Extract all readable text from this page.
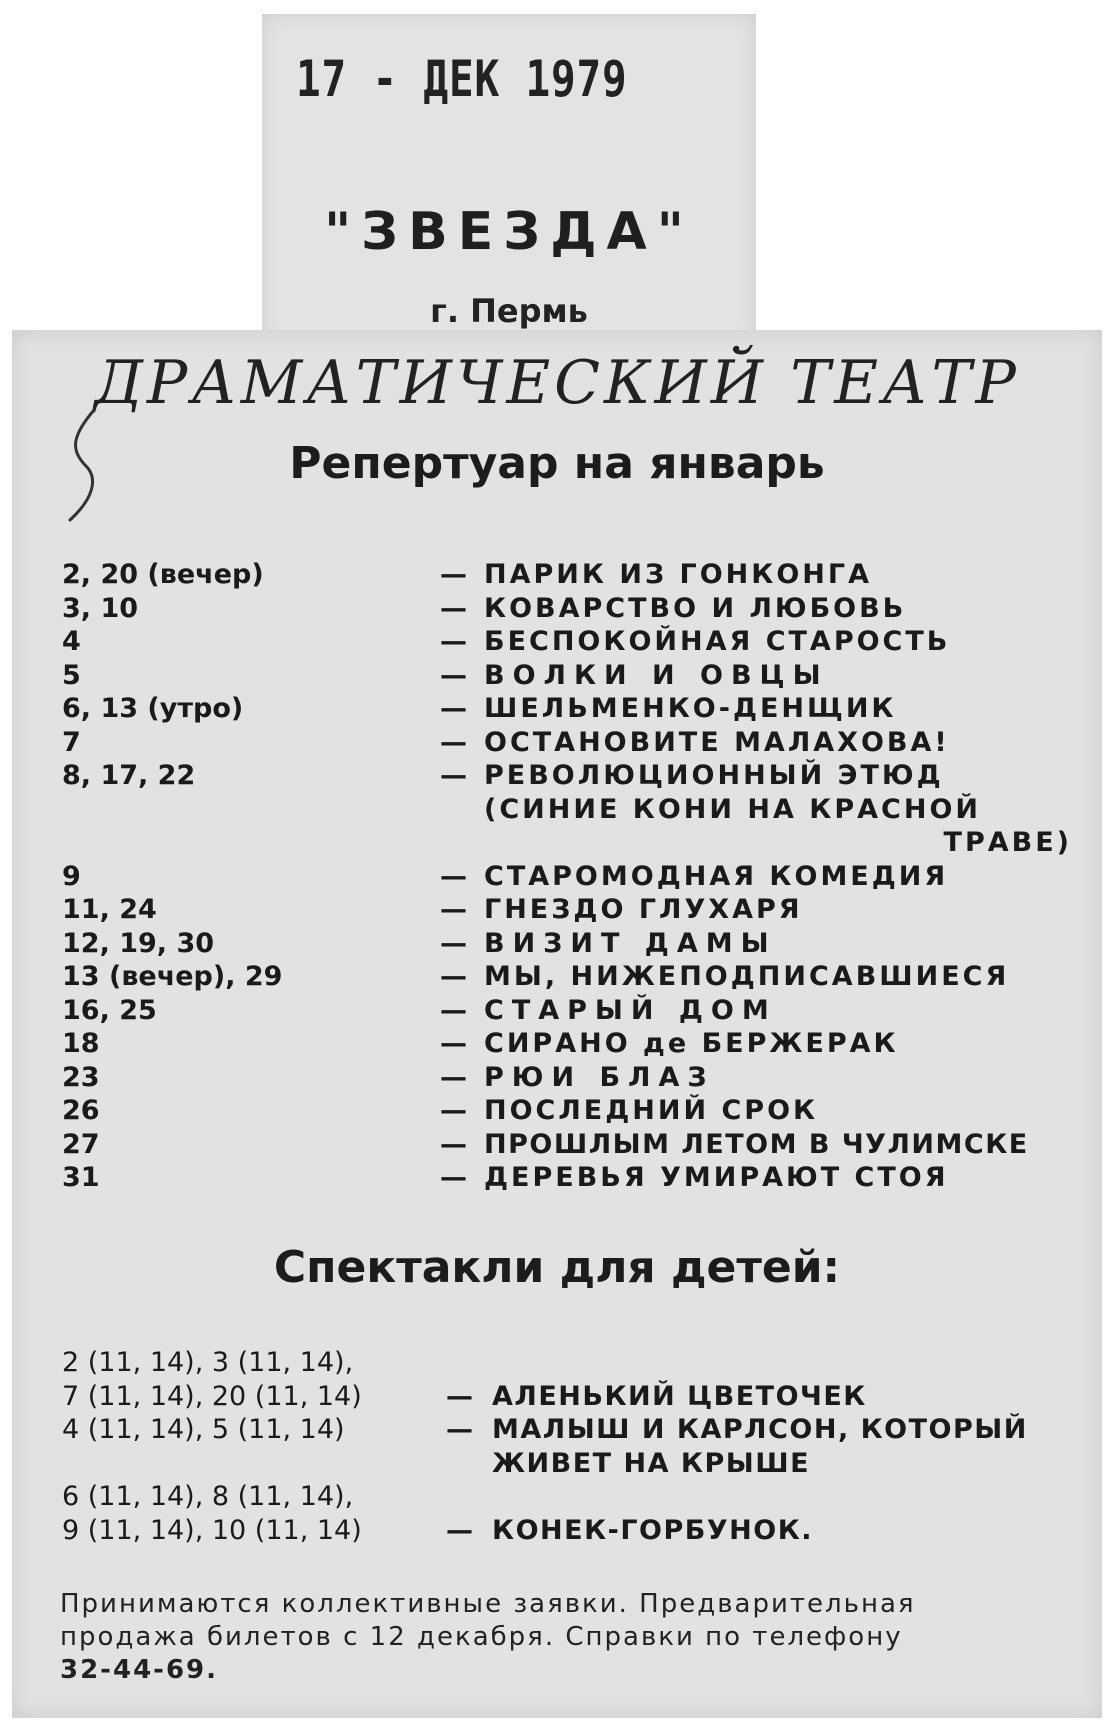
17 - ДЕК 1979
"ЗВЕЗДА"
г. Пермь
ДРАМАТИЧЕСКИЙ ТЕАТР
Репертуар на январь
2, 20 (вечер)	— ПАРИК ИЗ ГОНКОНГА
3, 10	— КОВАРСТВО И ЛЮБОВЬ
4	— БЕСПОКОЙНАЯ СТАРОСТЬ
5	— ВОЛКИ И ОВЦЫ
6, 13 (утро)	— ШЕЛЬМЕНКО-ДЕНЩИК
7	— ОСТАНОВИТЕ МАЛАХОВА!
8, 17, 22	— РЕВОЛЮЦИОННЫЙ ЭТЮД
(СИНИЕ КОНИ НА КРАСНОЙ
ТРАВЕ)
9	— СТАРОМОДНАЯ КОМЕДИЯ
11, 24	— ГНЕЗДО ГЛУХАРЯ
12, 19, 30	— ВИЗИТ ДАМЫ
13 (вечер), 29	— МЫ, НИЖЕПОДПИСАВШИЕСЯ
16, 25	— СТАРЫЙ ДОМ
18	— СИРАНО де БЕРЖЕРАК
23	— РЮИ БЛАЗ
26	— ПОСЛЕДНИЙ СРОК
27	— ПРОШЛЫМ ЛЕТОМ В ЧУЛИМСКЕ
31	— ДЕРЕВЬЯ УМИРАЮТ СТОЯ
Спектакли для детей:
2 (11, 14), 3 (11, 14),
7 (11, 14), 20 (11, 14)	— АЛЕНЬКИЙ ЦВЕТОЧЕК
4 (11, 14), 5 (11, 14)	— МАЛЫШ И КАРЛСОН, КОТОРЫЙ
ЖИВЕТ НА КРЫШЕ
6 (11, 14), 8 (11, 14),
9 (11, 14), 10 (11, 14)	— КОНЕК-ГОРБУНОК.

Принимаются коллективные заявки. Предварительная

продажа билетов с 12 декабря. Справки по телефону

32-44-69.
